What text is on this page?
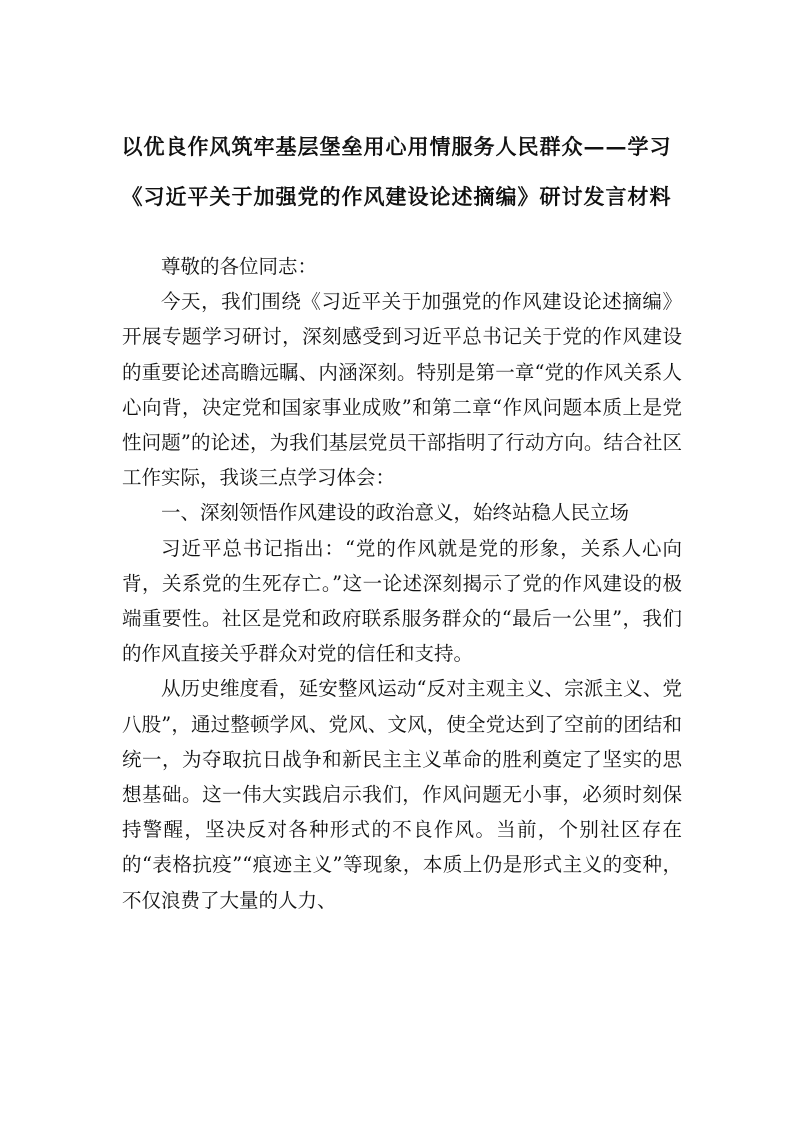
以优良作风筑牢基层堡垒用心用情服务人民群众——学习
《习近平关于加强党的作风建设论述摘编》研讨发言材料

尊敬的各位同志：

今天，我们围绕《习近平关于加强党的作风建设论述摘编》开展专题学习研讨，深刻感受到习近平总书记关于党的作风建设的重要论述高瞻远瞩、内涵深刻。特别是第一章“党的作风关系人心向背，决定党和国家事业成败”和第二章“作风问题本质上是党性问题”的论述，为我们基层党员干部指明了行动方向。结合社区工作实际，我谈三点学习体会：

一、深刻领悟作风建设的政治意义，始终站稳人民立场

习近平总书记指出：“党的作风就是党的形象，关系人心向背，关系党的生死存亡。”这一论述深刻揭示了党的作风建设的极端重要性。社区是党和政府联系服务群众的“最后一公里”，我们的作风直接关乎群众对党的信任和支持。

从历史维度看，延安整风运动“反对主观主义、宗派主义、党八股”，通过整顿学风、党风、文风，使全党达到了空前的团结和统一，为夺取抗日战争和新民主主义革命的胜利奠定了坚实的思想基础。这一伟大实践启示我们，作风问题无小事，必须时刻保持警醒，坚决反对各种形式的不良作风。当前，个别社区存在的“表格抗疫”“痕迹主义”等现象，本质上仍是形式主义的变种，不仅浪费了大量的人力、
